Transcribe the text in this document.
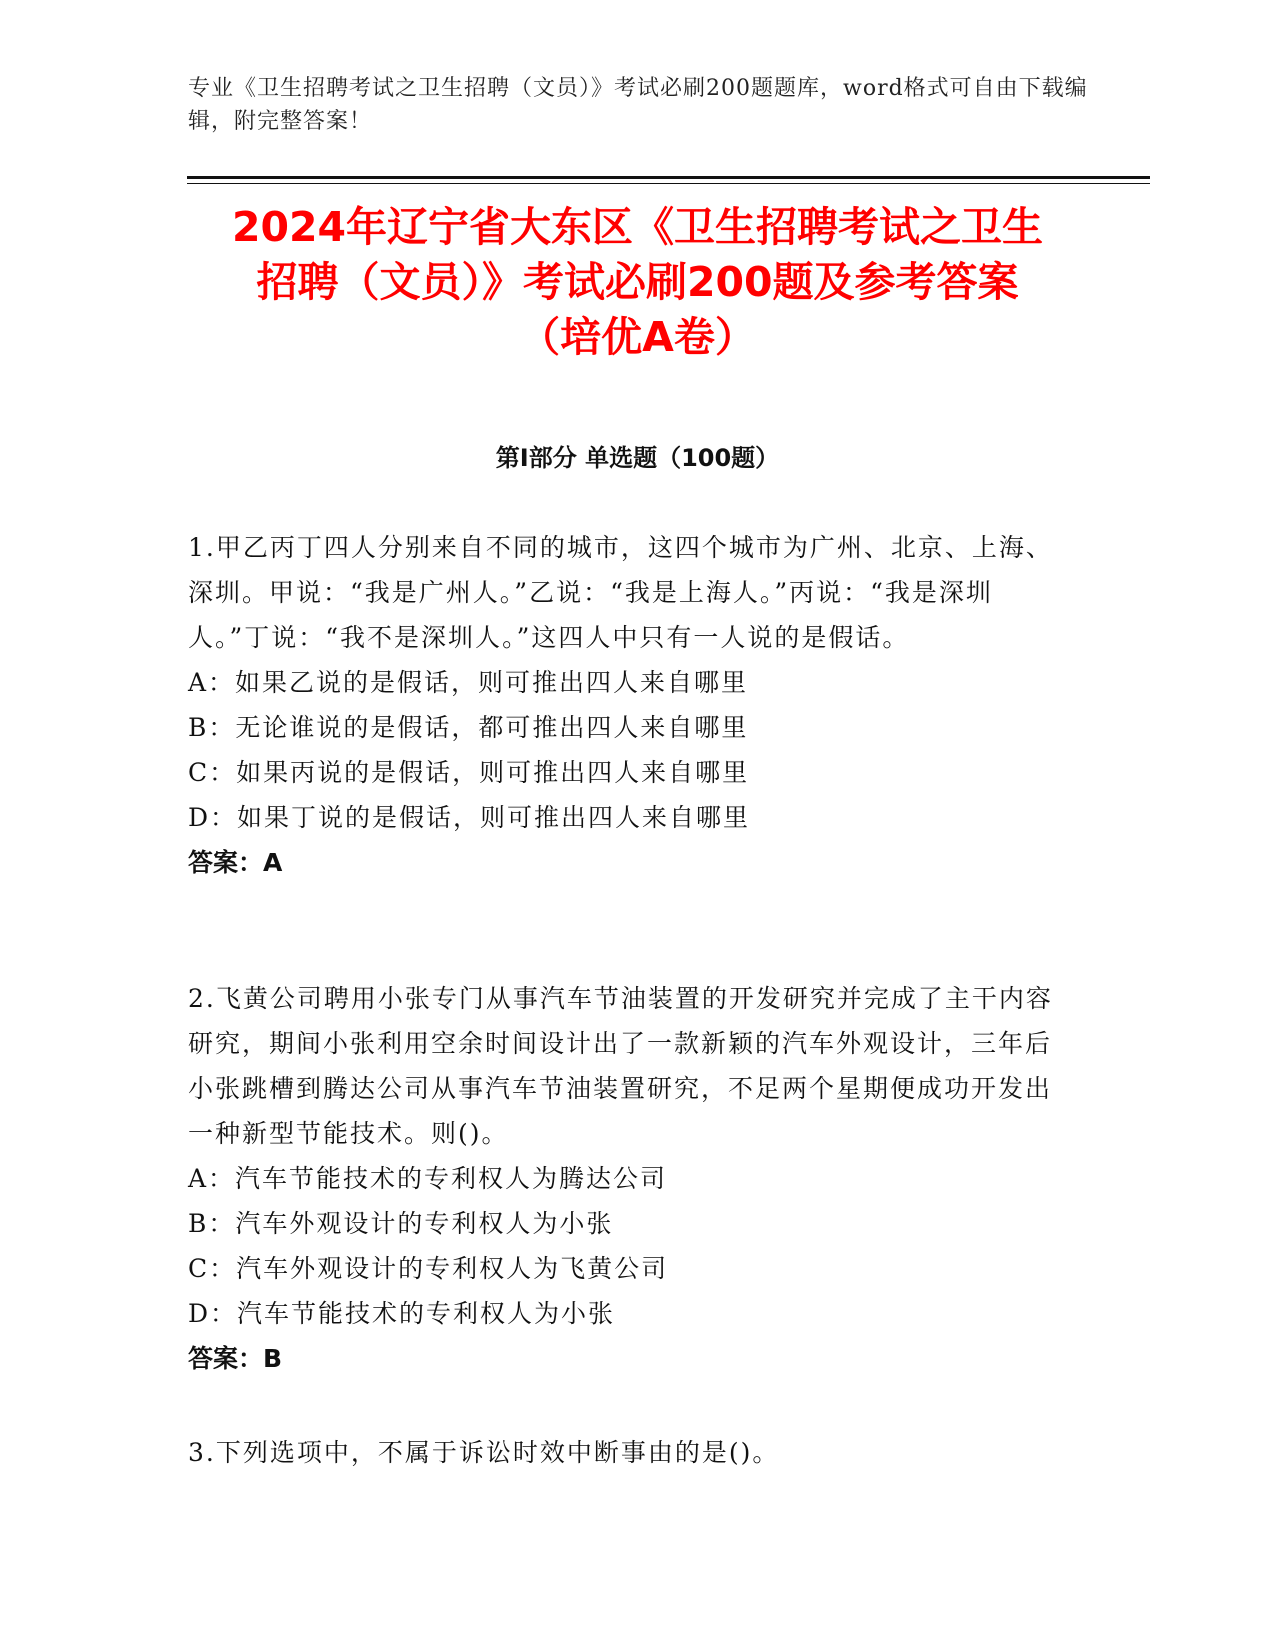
专业《卫生招聘考试之卫生招聘（文员）》考试必刷200题题库，word格式可自由下载编辑，附完整答案！
2024年辽宁省大东区《卫生招聘考试之卫生
招聘（文员）》考试必刷200题及参考答案
（培优A卷）
第Ⅰ部分 单选题（100题）
1.甲乙丙丁四人分别来自不同的城市，这四个城市为广州、北京、上海、深圳。甲说：“我是广州人。”乙说：“我是上海人。”丙说：“我是深圳人。”丁说：“我不是深圳人。”这四人中只有一人说的是假话。
A：如果乙说的是假话，则可推出四人来自哪里
B：无论谁说的是假话，都可推出四人来自哪里
C：如果丙说的是假话，则可推出四人来自哪里
D：如果丁说的是假话，则可推出四人来自哪里
答案：A
2.飞黄公司聘用小张专门从事汽车节油装置的开发研究并完成了主干内容研究，期间小张利用空余时间设计出了一款新颖的汽车外观设计，三年后小张跳槽到腾达公司从事汽车节油装置研究，不足两个星期便成功开发出一种新型节能技术。则()。
A：汽车节能技术的专利权人为腾达公司
B：汽车外观设计的专利权人为小张
C：汽车外观设计的专利权人为飞黄公司
D：汽车节能技术的专利权人为小张
答案：B
3.下列选项中，不属于诉讼时效中断事由的是()。
